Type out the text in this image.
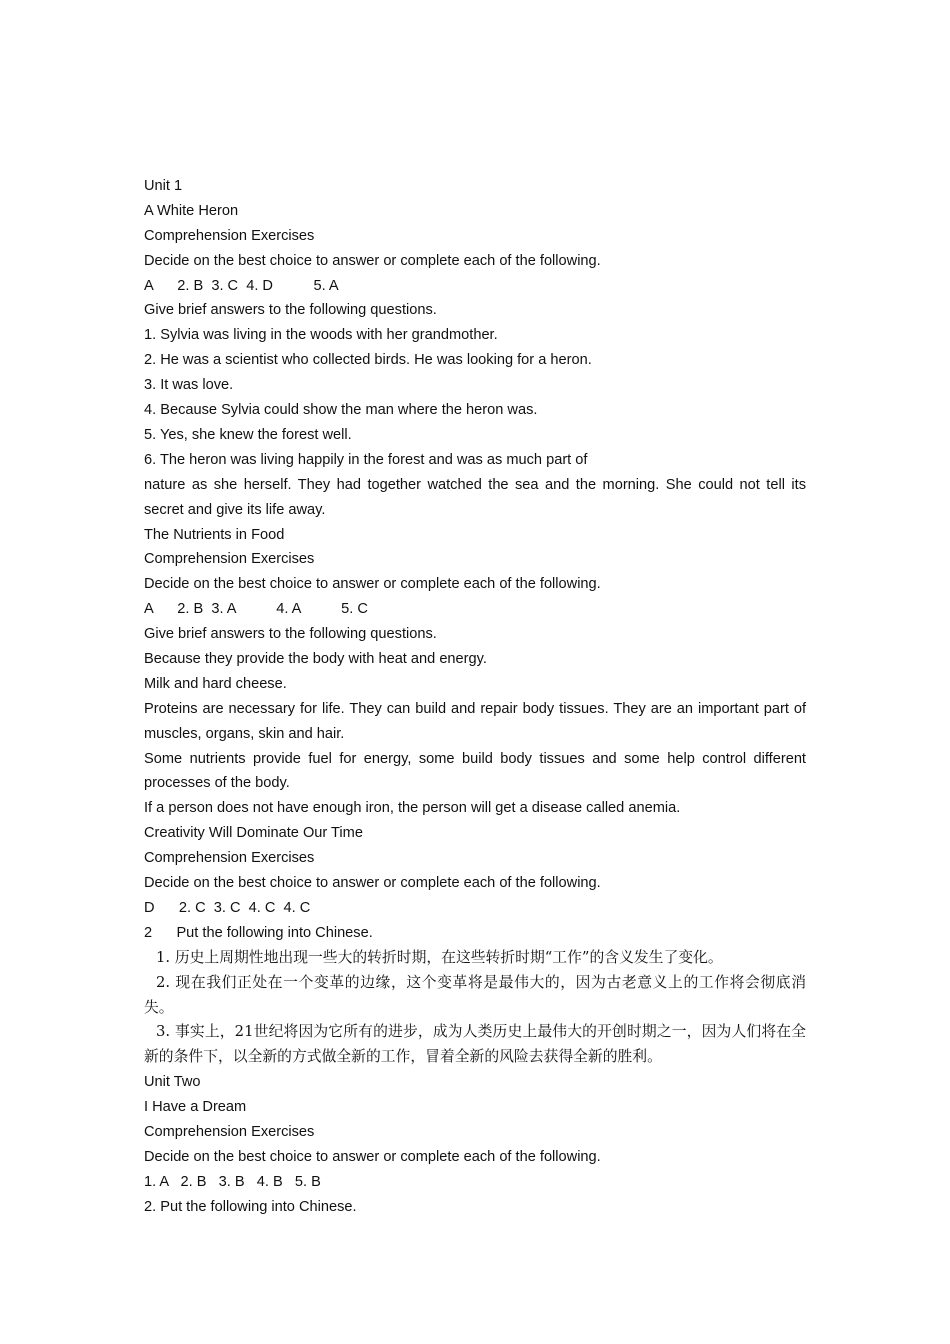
Unit 1
A White Heron
Comprehension Exercises
Decide on the best choice to answer or complete each of the following.
A      2. B  3. C  4. D          5. A
Give brief answers to the following questions.
1. Sylvia was living in the woods with her grandmother.
2. He was a scientist who collected birds. He was looking for a heron.
3. It was love.
4. Because Sylvia could show the man where the heron was.
5. Yes, she knew the forest well.
6. The heron was living happily in the forest and was as much part of
nature as she herself. They had together watched the sea and the morning. She could not tell its secret and give its life away.
The Nutrients in Food
Comprehension Exercises
Decide on the best choice to answer or complete each of the following.
A      2. B  3. A          4. A          5. C
Give brief answers to the following questions.
Because they provide the body with heat and energy.
Milk and hard cheese.
Proteins are necessary for life. They can build and repair body tissues. They are an important part of muscles, organs, skin and hair.
Some nutrients provide fuel for energy, some build body tissues and some help control different processes of the body.
If a person does not have enough iron, the person will get a disease called anemia.
Creativity Will Dominate Our Time
Comprehension Exercises
Decide on the best choice to answer or complete each of the following.
D      2. C  3. C  4. C  4. C
2      Put the following into Chinese.
1. 历史上周期性地出现一些大的转折时期，在这些转折时期“工作”的含义发生了变化。
2. 现在我们正处在一个变革的边缘，这个变革将是最伟大的，因为古老意义上的工作将会彻底消失。
3. 事实上，21世纪将因为它所有的进步，成为人类历史上最伟大的开创时期之一，因为人们将在全新的条件下，以全新的方式做全新的工作，冒着全新的风险去获得全新的胜利。
Unit Two
I Have a Dream
Comprehension Exercises
Decide on the best choice to answer or complete each of the following.
1. A   2. B   3. B   4. B   5. B
2. Put the following into Chinese.
